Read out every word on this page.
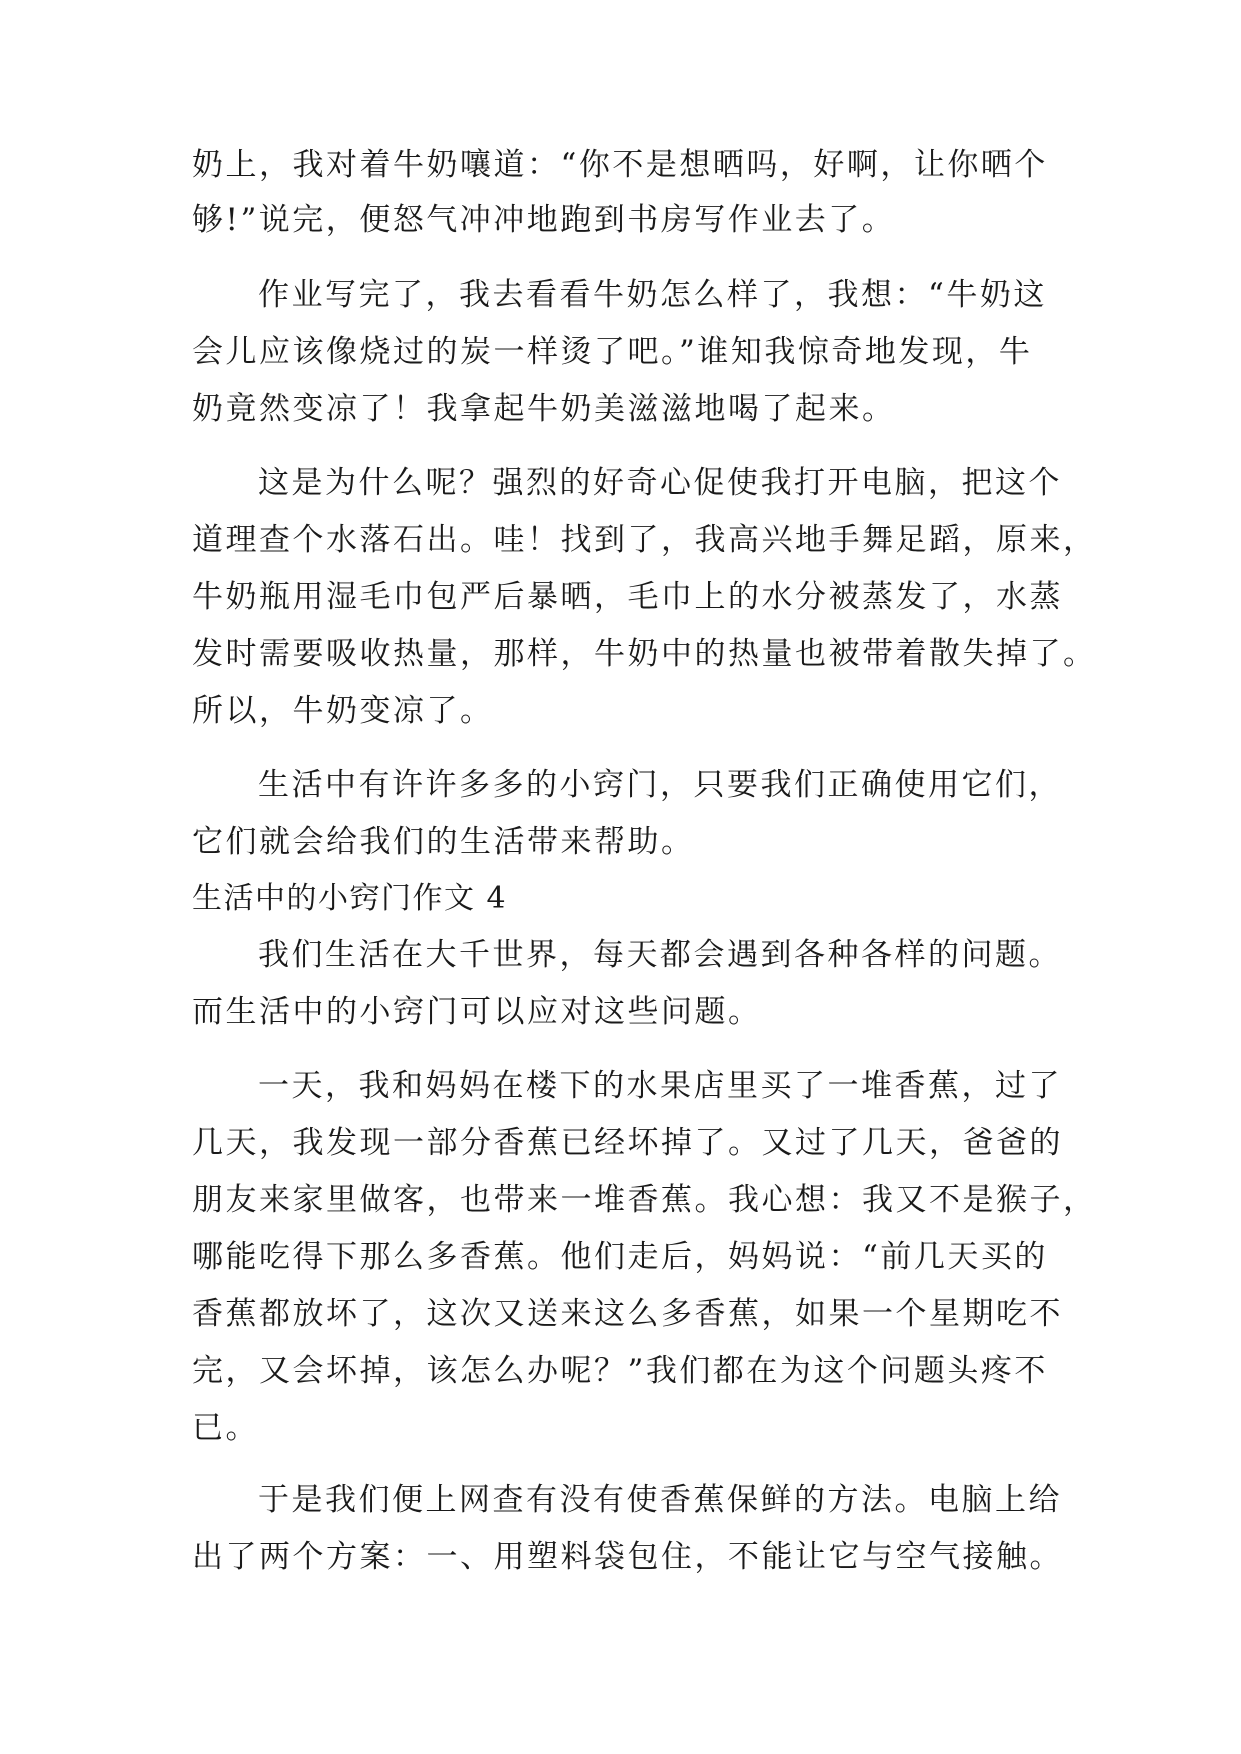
奶上，我对着牛奶嚷道：“你不是想晒吗，好啊，让你晒个
够!”说完，便怒气冲冲地跑到书房写作业去了。
作业写完了，我去看看牛奶怎么样了，我想：“牛奶这
会儿应该像烧过的炭一样烫了吧。”谁知我惊奇地发现，牛
奶竟然变凉了！我拿起牛奶美滋滋地喝了起来。
这是为什么呢？强烈的好奇心促使我打开电脑，把这个
道理查个水落石出。哇！找到了，我高兴地手舞足蹈，原来，
牛奶瓶用湿毛巾包严后暴晒，毛巾上的水分被蒸发了，水蒸
发时需要吸收热量，那样，牛奶中的热量也被带着散失掉了。
所以，牛奶变凉了。
生活中有许许多多的小窍门，只要我们正确使用它们，
它们就会给我们的生活带来帮助。
生活中的小窍门作文 4
我们生活在大千世界，每天都会遇到各种各样的问题。
而生活中的小窍门可以应对这些问题。
一天，我和妈妈在楼下的水果店里买了一堆香蕉，过了
几天，我发现一部分香蕉已经坏掉了。又过了几天，爸爸的
朋友来家里做客，也带来一堆香蕉。我心想：我又不是猴子，
哪能吃得下那么多香蕉。他们走后，妈妈说：“前几天买的
香蕉都放坏了，这次又送来这么多香蕉，如果一个星期吃不
完，又会坏掉，该怎么办呢？”我们都在为这个问题头疼不
已。
于是我们便上网查有没有使香蕉保鲜的方法。电脑上给
出了两个方案：一、用塑料袋包住，不能让它与空气接触。
